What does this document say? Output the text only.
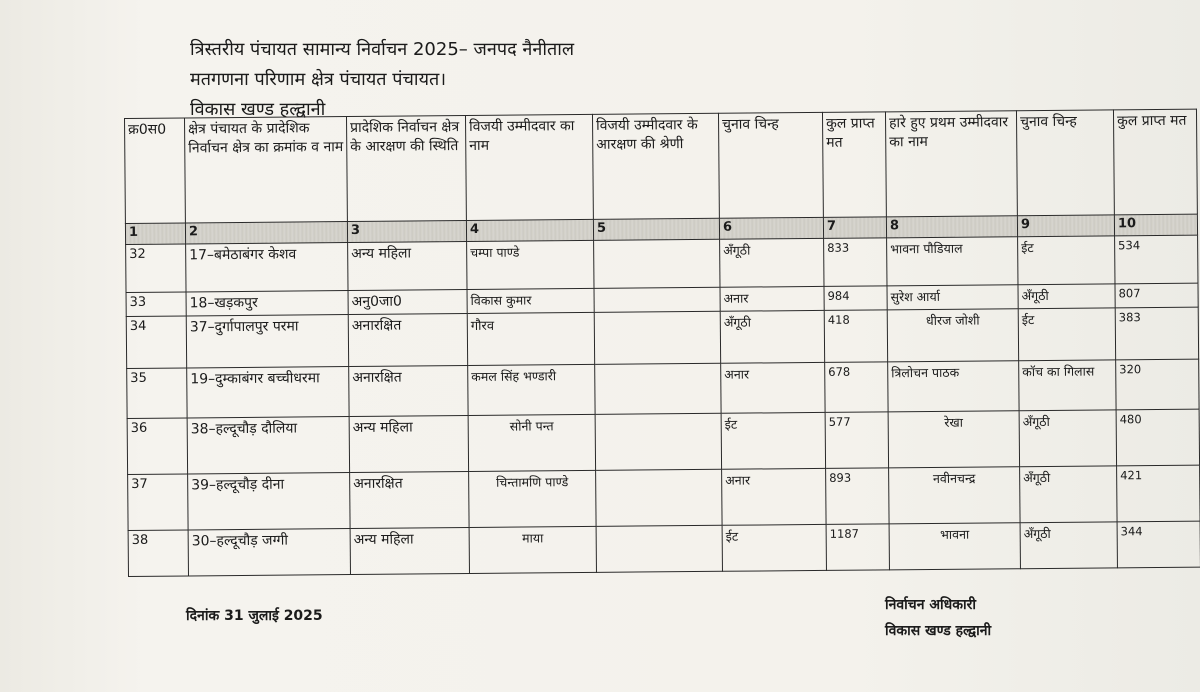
त्रिस्तरीय पंचायत सामान्य निर्वाचन 2025– जनपद नैनीताल
मतगणना परिणाम क्षेत्र पंचायत पंचायत।
विकास खण्ड हल्द्वानी
क्र0स0	क्षेत्र पंचायत के प्रादेशिक निर्वाचन क्षेत्र का क्रमांक व नाम	प्रादेशिक निर्वाचन क्षेत्र के आरक्षण की स्थिति	विजयी उम्मीदवार का नाम	विजयी उम्मीदवार के आरक्षण की श्रेणी	चुनाव चिन्ह	कुल प्राप्त मत	हारे हुए प्रथम उम्मीदवार का नाम	चुनाव चिन्ह	कुल प्राप्त मत
1	2	3	4	5	6	7	8	9	10
32	17–बमेठाबंगर केशव	अन्य महिला	चम्पा पाण्डे		अँगूठी	833	भावना पौडियाल	ईट	534
33	18–खड़कपुर	अनु0जा0	विकास कुमार		अनार	984	सुरेश आर्या	अँगूठी	807
34	37–दुर्गापालपुर परमा	अनारक्षित	गौरव		अँगूठी	418	धीरज जोशी	ईट	383
35	19–दुम्काबंगर बच्चीधरमा	अनारक्षित	कमल सिंह भण्डारी		अनार	678	त्रिलोचन पाठक	कॉच का गिलास	320
36	38–हल्दूचौड़ दौलिया	अन्य महिला	सोनी पन्त		ईट	577	रेखा	अँगूठी	480
37	39–हल्दूचौड़ दीना	अनारक्षित	चिन्तामणि पाण्डे		अनार	893	नवीनचन्द्र	अँगूठी	421
38	30–हल्दूचौड़ जग्गी	अन्य महिला	माया		ईट	1187	भावना	अँगूठी	344
दिनांक 31 जुलाई 2025
निर्वाचन अधिकारी
विकास खण्ड हल्द्वानी
